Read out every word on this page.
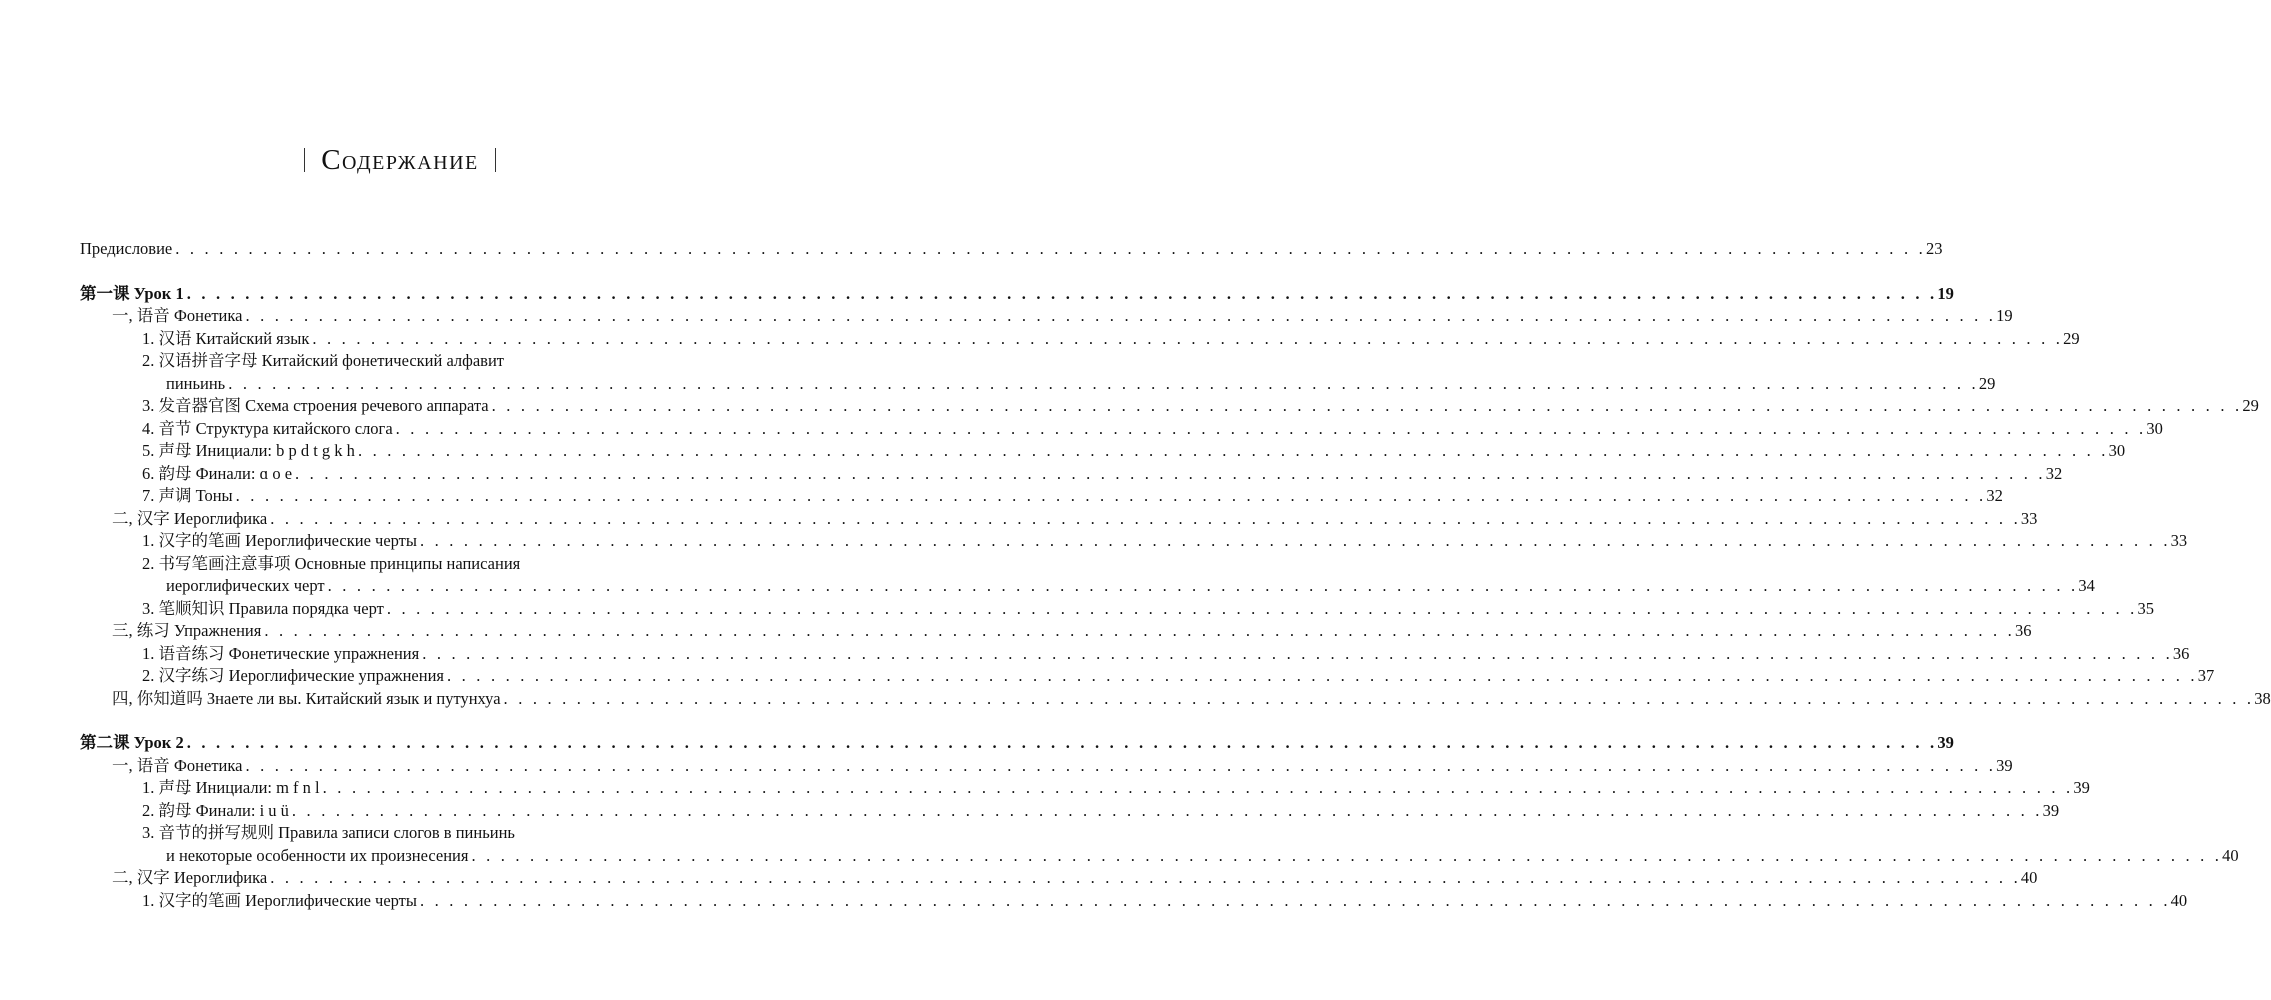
Содержание
Предисловие . . . . . . . . . . . . . . . . . . . . . . . . . . . . . . . . . . . . . . . . . . . . . . . . . . . . . . . . . . . . . . . . . . . . . . . . . . . . . . . . . . . . . . . . . . . . . . . . . . . . . . . . . . . . . . . . . . . . . . . . 23
第一课 Урок 1 . . . . . . . . . . . . . . . . . . . . . . . . . . . . . . . . . . . . . . . . . . . . . . . . . . . . . . . . . . . . . . . . . . . . . . . . . . . . . . . . . . . . . . . . . . . . . . . . . . . . . . . . . . . . . . . . . . . . . . . . 19
一, 语音 Фонетика . . . . . . . . . . . . . . . . . . . . . . . . . . . . . . . . . . . . . . . . . . . . . . . . . . . . . . . . . . . . . . . . . . . . . . . . . . . . . . . . . . . . . . . . . . . . . . . . . . . . . . . . . . . . . . . . . . . . . . . . 19
1. 汉语 Китайский язык . . . . . . . . . . . . . . . . . . . . . . . . . . . . . . . . . . . . . . . . . . . . . . . . . . . . . . . . . . . . . . . . . . . . . . . . . . . . . . . . . . . . . . . . . . . . . . . . . . . . . . . . . . . . . . . . . . . . . . . . 29
2. 汉语拼音字母 Китайский фонетический алфавит
пиньинь . . . . . . . . . . . . . . . . . . . . . . . . . . . . . . . . . . . . . . . . . . . . . . . . . . . . . . . . . . . . . . . . . . . . . . . . . . . . . . . . . . . . . . . . . . . . . . . . . . . . . . . . . . . . . . . . . . . . . . . . 29
3. 发音器官图 Схема строения речевого аппарата . . . . . . . . . . . . . . . . . . . . . . . . . . . . . . . . . . . . . . . . . . . . . . . . . . . . . . . . . . . . . . . . . . . . . . . . . . . . . . . . . . . . . . . . . . . . . . . . . . . . . . . . . . . . . . . . . . . . . . . . 29
4. 音节 Структура китайского слога . . . . . . . . . . . . . . . . . . . . . . . . . . . . . . . . . . . . . . . . . . . . . . . . . . . . . . . . . . . . . . . . . . . . . . . . . . . . . . . . . . . . . . . . . . . . . . . . . . . . . . . . . . . . . . . . . . . . . . . . 30
5. 声母 Инициали: b p d t g k h . . . . . . . . . . . . . . . . . . . . . . . . . . . . . . . . . . . . . . . . . . . . . . . . . . . . . . . . . . . . . . . . . . . . . . . . . . . . . . . . . . . . . . . . . . . . . . . . . . . . . . . . . . . . . . . . . . . . . . . . 30
6. 韵母 Финали: ɑ o e . . . . . . . . . . . . . . . . . . . . . . . . . . . . . . . . . . . . . . . . . . . . . . . . . . . . . . . . . . . . . . . . . . . . . . . . . . . . . . . . . . . . . . . . . . . . . . . . . . . . . . . . . . . . . . . . . . . . . . . . 32
7. 声调 Тоны . . . . . . . . . . . . . . . . . . . . . . . . . . . . . . . . . . . . . . . . . . . . . . . . . . . . . . . . . . . . . . . . . . . . . . . . . . . . . . . . . . . . . . . . . . . . . . . . . . . . . . . . . . . . . . . . . . . . . . . . 32
二, 汉字 Иероглифика . . . . . . . . . . . . . . . . . . . . . . . . . . . . . . . . . . . . . . . . . . . . . . . . . . . . . . . . . . . . . . . . . . . . . . . . . . . . . . . . . . . . . . . . . . . . . . . . . . . . . . . . . . . . . . . . . . . . . . . . 33
1. 汉字的笔画 Иероглифические черты . . . . . . . . . . . . . . . . . . . . . . . . . . . . . . . . . . . . . . . . . . . . . . . . . . . . . . . . . . . . . . . . . . . . . . . . . . . . . . . . . . . . . . . . . . . . . . . . . . . . . . . . . . . . . . . . . . . . . . . . 33
2. 书写笔画注意事项 Основные принципы написания
иероглифических черт . . . . . . . . . . . . . . . . . . . . . . . . . . . . . . . . . . . . . . . . . . . . . . . . . . . . . . . . . . . . . . . . . . . . . . . . . . . . . . . . . . . . . . . . . . . . . . . . . . . . . . . . . . . . . . . . . . . . . . . . 34
3. 笔顺知识 Правила порядка черт . . . . . . . . . . . . . . . . . . . . . . . . . . . . . . . . . . . . . . . . . . . . . . . . . . . . . . . . . . . . . . . . . . . . . . . . . . . . . . . . . . . . . . . . . . . . . . . . . . . . . . . . . . . . . . . . . . . . . . . . 35
三, 练习 Упражнения . . . . . . . . . . . . . . . . . . . . . . . . . . . . . . . . . . . . . . . . . . . . . . . . . . . . . . . . . . . . . . . . . . . . . . . . . . . . . . . . . . . . . . . . . . . . . . . . . . . . . . . . . . . . . . . . . . . . . . . . 36
1. 语音练习 Фонетические упражнения . . . . . . . . . . . . . . . . . . . . . . . . . . . . . . . . . . . . . . . . . . . . . . . . . . . . . . . . . . . . . . . . . . . . . . . . . . . . . . . . . . . . . . . . . . . . . . . . . . . . . . . . . . . . . . . . . . . . . . . . 36
2. 汉字练习 Иероглифические упражнения . . . . . . . . . . . . . . . . . . . . . . . . . . . . . . . . . . . . . . . . . . . . . . . . . . . . . . . . . . . . . . . . . . . . . . . . . . . . . . . . . . . . . . . . . . . . . . . . . . . . . . . . . . . . . . . . . . . . . . . . 37
四, 你知道吗 Знаете ли вы. Китайский язык и путунхуа . . . . . . . . . . . . . . . . . . . . . . . . . . . . . . . . . . . . . . . . . . . . . . . . . . . . . . . . . . . . . . . . . . . . . . . . . . . . . . . . . . . . . . . . . . . . . . . . . . . . . . . . . . . . . . . . . . . . . . . . 38
第二课 Урок 2 . . . . . . . . . . . . . . . . . . . . . . . . . . . . . . . . . . . . . . . . . . . . . . . . . . . . . . . . . . . . . . . . . . . . . . . . . . . . . . . . . . . . . . . . . . . . . . . . . . . . . . . . . . . . . . . . . . . . . . . . 39
一, 语音 Фонетика . . . . . . . . . . . . . . . . . . . . . . . . . . . . . . . . . . . . . . . . . . . . . . . . . . . . . . . . . . . . . . . . . . . . . . . . . . . . . . . . . . . . . . . . . . . . . . . . . . . . . . . . . . . . . . . . . . . . . . . . 39
1. 声母 Инициали: m f n l . . . . . . . . . . . . . . . . . . . . . . . . . . . . . . . . . . . . . . . . . . . . . . . . . . . . . . . . . . . . . . . . . . . . . . . . . . . . . . . . . . . . . . . . . . . . . . . . . . . . . . . . . . . . . . . . . . . . . . . . 39
2. 韵母 Финали: i u ü . . . . . . . . . . . . . . . . . . . . . . . . . . . . . . . . . . . . . . . . . . . . . . . . . . . . . . . . . . . . . . . . . . . . . . . . . . . . . . . . . . . . . . . . . . . . . . . . . . . . . . . . . . . . . . . . . . . . . . . . 39
3. 音节的拼写规则 Правила записи слогов в пиньинь
и некоторые особенности их произнесения . . . . . . . . . . . . . . . . . . . . . . . . . . . . . . . . . . . . . . . . . . . . . . . . . . . . . . . . . . . . . . . . . . . . . . . . . . . . . . . . . . . . . . . . . . . . . . . . . . . . . . . . . . . . . . . . . . . . . . . . 40
二, 汉字 Иероглифика . . . . . . . . . . . . . . . . . . . . . . . . . . . . . . . . . . . . . . . . . . . . . . . . . . . . . . . . . . . . . . . . . . . . . . . . . . . . . . . . . . . . . . . . . . . . . . . . . . . . . . . . . . . . . . . . . . . . . . . . 40
1. 汉字的笔画 Иероглифические черты . . . . . . . . . . . . . . . . . . . . . . . . . . . . . . . . . . . . . . . . . . . . . . . . . . . . . . . . . . . . . . . . . . . . . . . . . . . . . . . . . . . . . . . . . . . . . . . . . . . . . . . . . . . . . . . . . . . . . . . . 40
